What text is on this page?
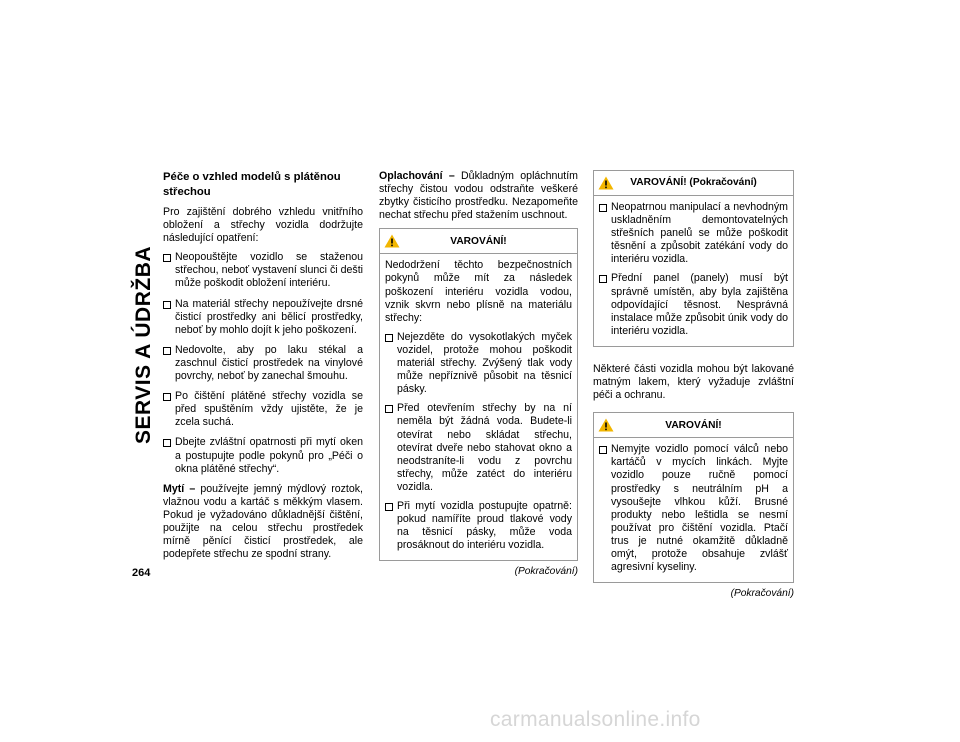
SERVIS A ÚDRŽBA
264
Péče o vzhled modelů s plátěnou střechou

Pro zajištění dobrého vzhledu vnitřního obložení a střechy vozidla dodržujte následující opatření:

Neopouštějte vozidlo se staženou střechou, neboť vystavení slunci či dešti může poškodit obložení interiéru.
Na materiál střechy nepoužívejte drsné čisticí prostředky ani bělicí prostředky, neboť by mohlo dojít k jeho poškození.
Nedovolte, aby po laku stékal a zaschnul čisticí prostředek na vinylové povrchy, neboť by zanechal šmouhu.
Po čištění plátěné střechy vozidla se před spuštěním vždy ujistěte, že je zcela suchá.
Dbejte zvláštní opatrnosti při mytí oken a postupujte podle pokynů pro „Péči o okna plátěné střechy“.

Mytí – používejte jemný mýdlový roztok, vlažnou vodu a kartáč s měkkým vlasem. Pokud je vyžadováno důkladnější čištění, použijte na celou střechu prostředek mírně pěnící čisticí prostředek, ale podepřete střechu ze spodní strany.

Oplachování – Důkladným opláchnutím střechy čistou vodou odstraňte veškeré zbytky čisticího prostředku. Nezapomeňte nechat střechu před stažením uschnout.

VAROVÁNÍ!

Nedodržení těchto bezpečnostních pokynů může mít za následek poškození interiéru vozidla vodou, vznik skvrn nebo plísně na materiálu střechy:

Nejezděte do vysokotlakých myček vozidel, protože mohou poškodit materiál střechy. Zvýšený tlak vody může nepříznivě působit na těsnicí pásky.
Před otevřením střechy by na ní neměla být žádná voda. Budete-li otevírat nebo skládat střechu, otevírat dveře nebo stahovat okno a neodstraníte-li vodu z povrchu střechy, může zatéct do interiéru vozidla.
Při mytí vozidla postupujte opatrně: pokud namíříte proud tlakové vody na těsnicí pásky, může voda prosáknout do interiéru vozidla.
(Pokračování)
VAROVÁNÍ! (Pokračování)
Neopatrnou manipulací a nevhodným uskladněním demontovatelných střešních panelů se může poškodit těsnění a způsobit zatékání vody do interiéru vozidla.
Přední panel (panely) musí být správně umístěn, aby byla zajištěna odpovídající těsnost. Nesprávná instalace může způsobit únik vody do interiéru vozidla.

Některé části vozidla mohou být lakované matným lakem, který vyžaduje zvláštní péči a ochranu.

VAROVÁNÍ!
Nemyjte vozidlo pomocí válců nebo kartáčů v mycích linkách. Myjte vozidlo pouze ručně pomocí prostředky s neutrálním pH a vysoušejte vlhkou kůží. Brusné produkty nebo leštidla se nesmí používat pro čištění vozidla. Ptačí trus je nutné okamžitě důkladně omýt, protože obsahuje zvlášť agresivní kyseliny.
(Pokračování)
carmanualsonline.info
